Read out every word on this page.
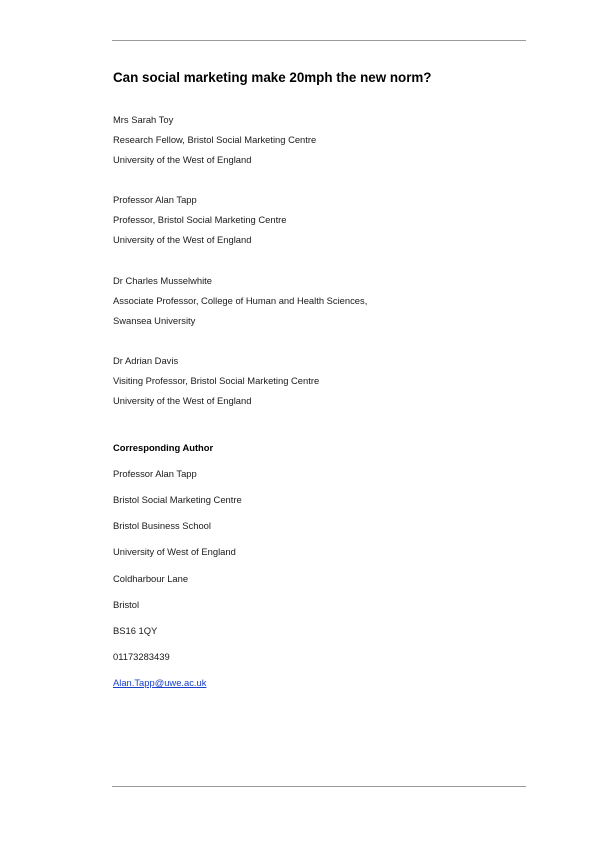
Can social marketing make 20mph the new norm?
Mrs Sarah Toy
Research Fellow, Bristol Social Marketing Centre
University of the West of England
Professor Alan Tapp
Professor, Bristol Social Marketing Centre
University of the West of England
Dr Charles Musselwhite
Associate Professor, College of Human and Health Sciences,
Swansea University
Dr Adrian Davis
Visiting Professor, Bristol Social Marketing Centre
University of the West of England
Corresponding Author
Professor Alan Tapp
Bristol Social Marketing Centre
Bristol Business School
University of West of England
Coldharbour Lane
Bristol
BS16 1QY
01173283439
Alan.Tapp@uwe.ac.uk
